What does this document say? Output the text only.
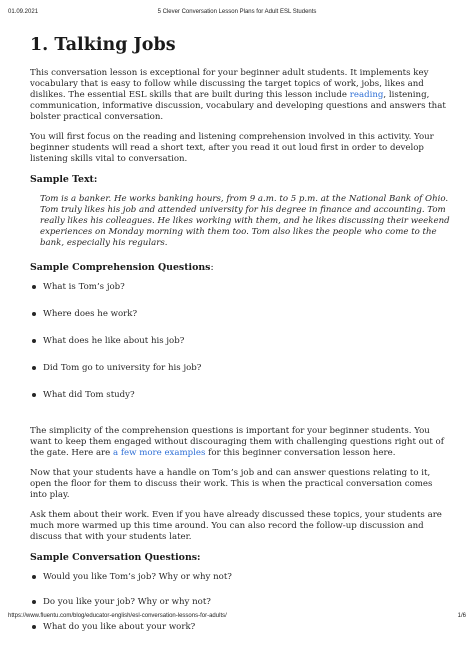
01.09.2021	5 Clever Conversation Lesson Plans for Adult ESL Students
1. Talking Jobs

This conversation lesson is exceptional for your beginner adult students. It implements key vocabulary that is easy to follow while discussing the target topics of work, jobs, likes and dislikes. The essential ESL skills that are built during this lesson include reading, listening, communication, informative discussion, vocabulary and developing questions and answers that bolster practical conversation.

You will first focus on the reading and listening comprehension involved in this activity. Your beginner students will read a short text, after you read it out loud first in order to develop listening skills vital to conversation.

Sample Text:

Tom is a banker. He works banking hours, from 9 a.m. to 5 p.m. at the National Bank of Ohio. Tom truly likes his job and attended university for his degree in finance and accounting. Tom really likes his colleagues. He likes working with them, and he likes discussing their weekend experiences on Monday morning with them too. Tom also likes the people who come to the bank, especially his regulars.

Sample Comprehension Questions:
What is Tom’s job?
Where does he work?
What does he like about his job?
Did Tom go to university for his job?
What did Tom study?

The simplicity of the comprehension questions is important for your beginner students. You want to keep them engaged without discouraging them with challenging questions right out of the gate. Here are a few more examples for this beginner conversation lesson here.

Now that your students have a handle on Tom’s job and can answer questions relating to it, open the floor for them to discuss their work. This is when the practical conversation comes into play.

Ask them about their work. Even if you have already discussed these topics, your students are much more warmed up this time around. You can also record the follow-up discussion and discuss that with your students later.

Sample Conversation Questions:
Would you like Tom’s job? Why or why not?
Do you like your job? Why or why not?
What do you like about your work?
https://www.fluentu.com/blog/educator-english/esl-conversation-lessons-for-adults/	1/6
